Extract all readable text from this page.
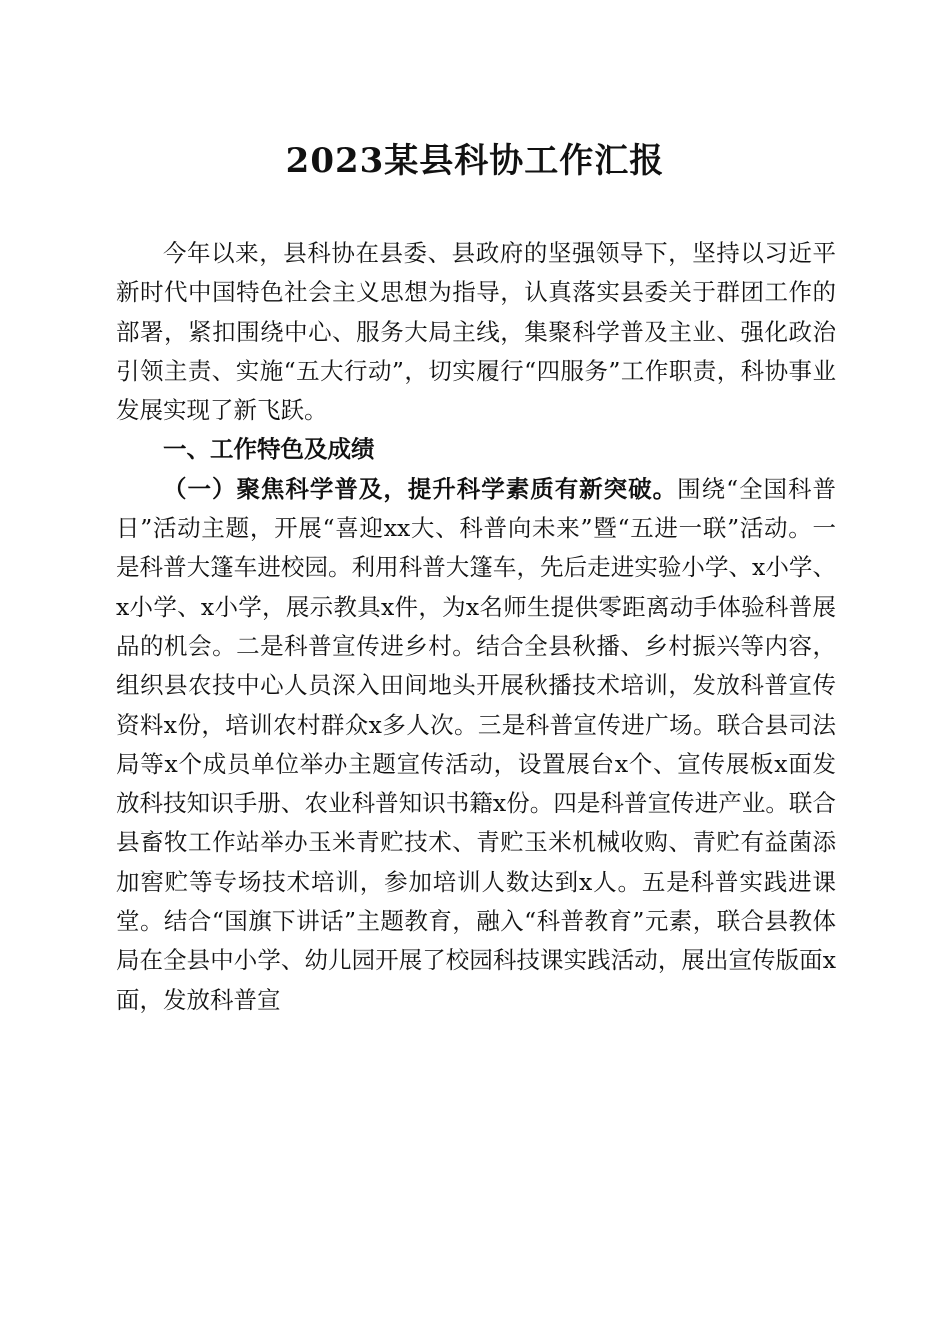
2023某县科协工作汇报

今年以来，县科协在县委、县政府的坚强领导下，坚持以习近平新时代中国特色社会主义思想为指导，认真落实县委关于群团工作的部署，紧扣围绕中心、服务大局主线，集聚科学普及主业、强化政治引领主责、实施“五大行动”，切实履行“四服务”工作职责，科协事业发展实现了新飞跃。

一、工作特色及成绩

（一）聚焦科学普及，提升科学素质有新突破。围绕“全国科普日”活动主题，开展“喜迎xx大、科普向未来”暨“五进一联”活动。一是科普大篷车进校园。利用科普大篷车，先后走进实验小学、x小学、x小学、x小学，展示教具x件，为x名师生提供零距离动手体验科普展品的机会。二是科普宣传进乡村。结合全县秋播、乡村振兴等内容，组织县农技中心人员深入田间地头开展秋播技术培训，发放科普宣传资料x份，培训农村群众x多人次。三是科普宣传进广场。联合县司法局等x个成员单位举办主题宣传活动，设置展台x个、宣传展板x面发放科技知识手册、农业科普知识书籍x份。四是科普宣传进产业。联合县畜牧工作站举办玉米青贮技术、青贮玉米机械收购、青贮有益菌添加窖贮等专场技术培训，参加培训人数达到x人。五是科普实践进课堂。结合“国旗下讲话”主题教育，融入“科普教育”元素，联合县教体局在全县中小学、幼儿园开展了校园科技课实践活动，展出宣传版面x面，发放科普宣
